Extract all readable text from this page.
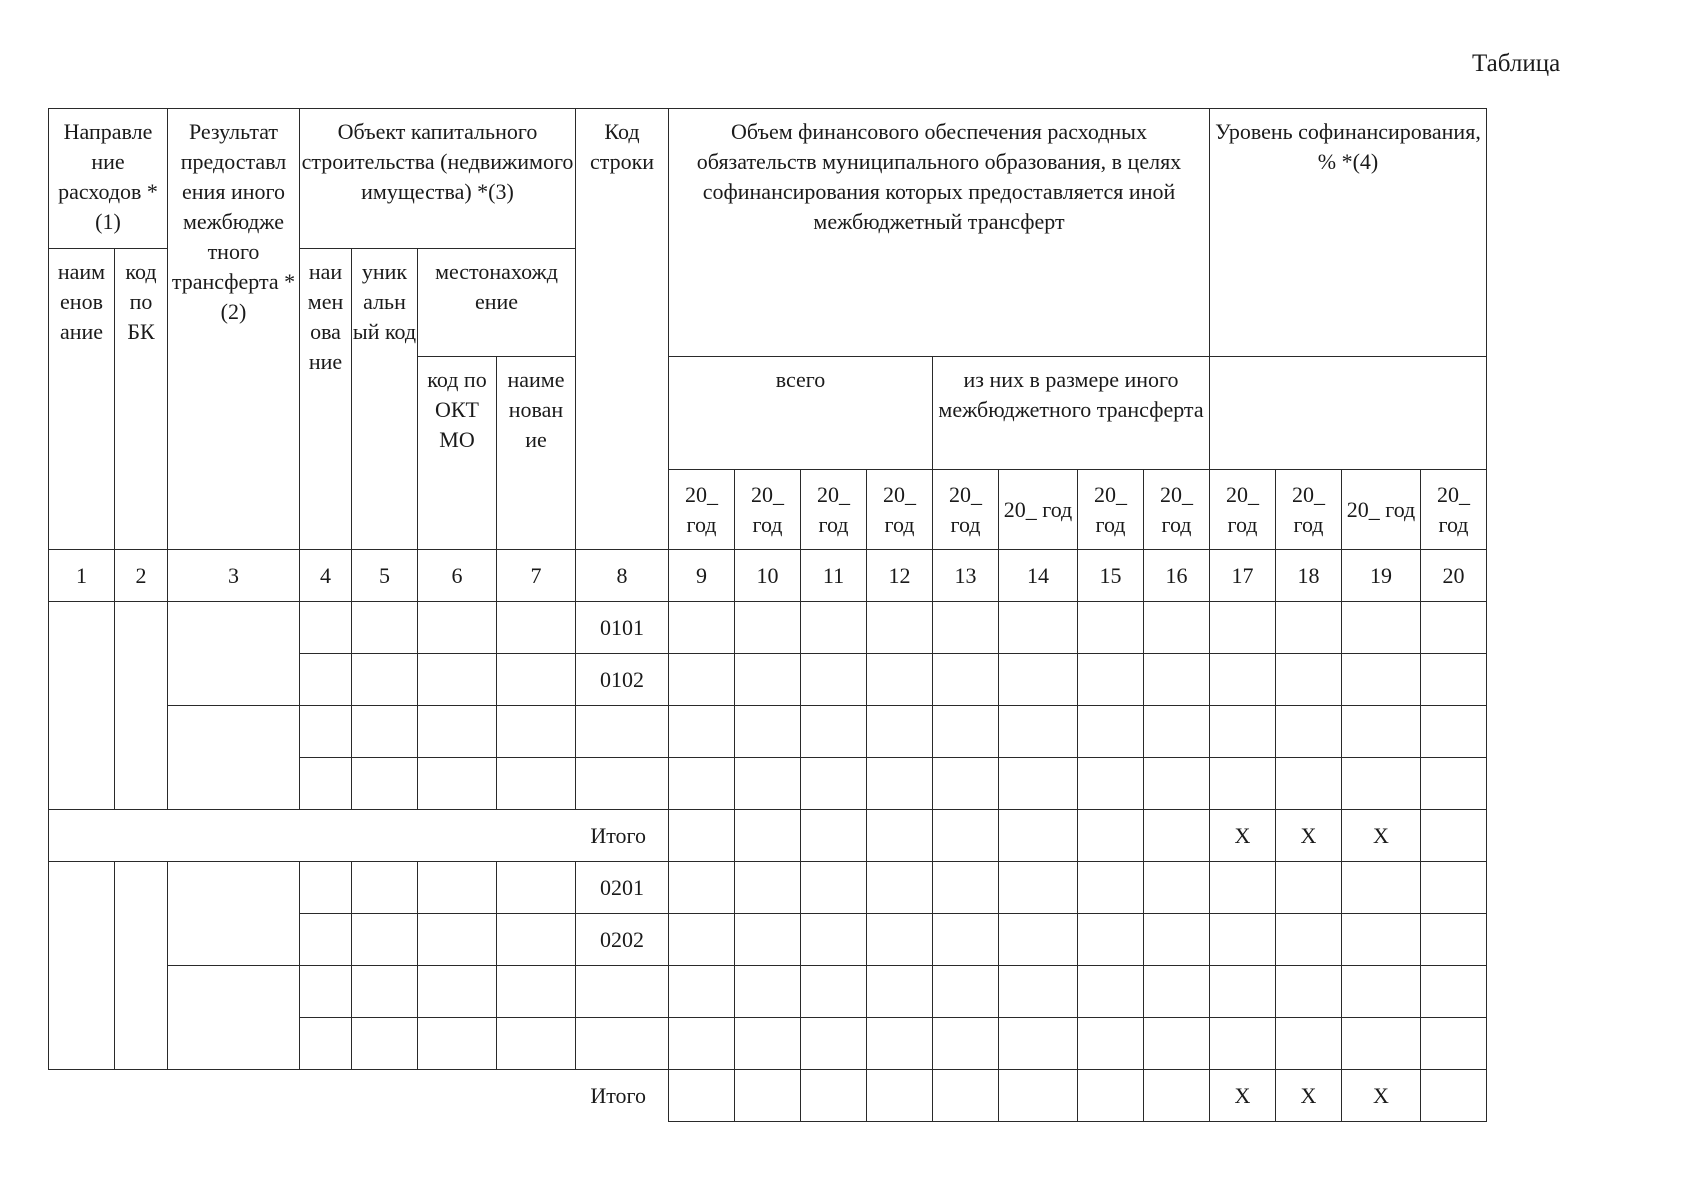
Таблица
Направле ние расходов *(1)		Результат предоставл ения иного межбюдже тного трансферта *(2)	Объект капитального строительства (недвижимого имущества) *(3)				Код строки	Объем финансового обеспечения расходных обязательств муниципального образования, в целях софинансирования которых предоставляется иной межбюджетный трансферт								Уровень софинансирования, % *(4)			
наим енов ание	код по БК		наи мен ова ние	уник альн ый код	местонахожд ение														
					код по ОКТ МО	наиме нован ие		всего				из них в размере иного межбюджетного трансферта							
								20_ год	20_ год	20_ год	20_ год	20_ год	20_ год	20_ год	20_ год	20_ год	20_ год	20_ год	20_ год
1	2	3	4	5	6	7	8	9	10	11	12	13	14	15	16	17	18	19	20
							0101												
							0102												

Итого																X	X	X	
							0201												
							0202												

Итого																X	X	X	
